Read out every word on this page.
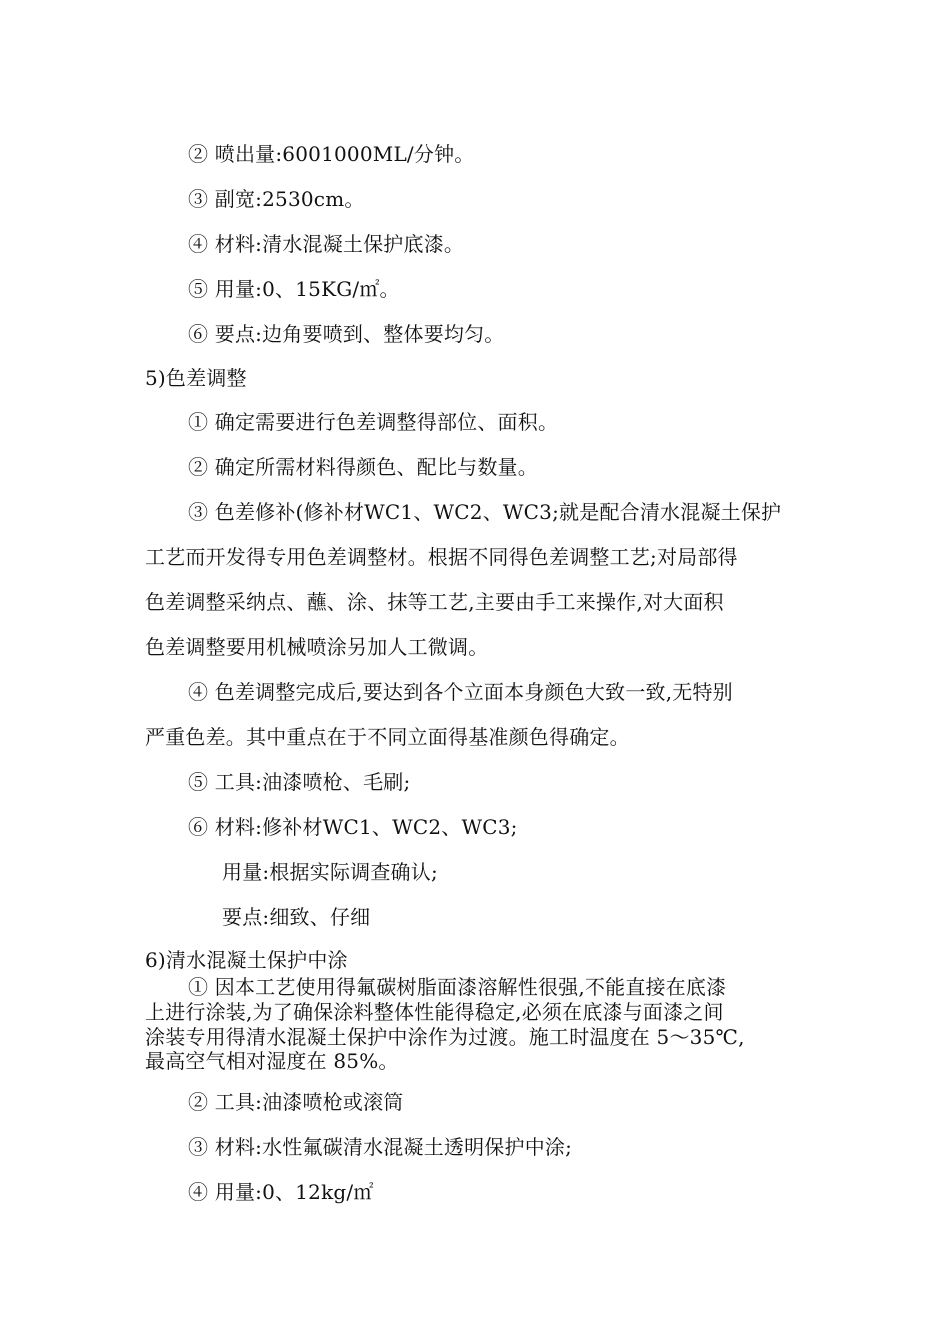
② 喷出量:6001000ML/分钟。
③ 副宽:2530cm。
④ 材料:清水混凝土保护底漆。
⑤ 用量:0、15KG/㎡。
⑥ 要点:边角要喷到、整体要均匀。
5)色差调整
① 确定需要进行色差调整得部位、面积。
② 确定所需材料得颜色、配比与数量。
③ 色差修补(修补材WC1、WC2、WC3;就是配合清水混凝土保护
工艺而开发得专用色差调整材。根据不同得色差调整工艺;对局部得
色差调整采纳点、蘸、涂、抹等工艺,主要由手工来操作,对大面积
色差调整要用机械喷涂另加人工微调。
④ 色差调整完成后,要达到各个立面本身颜色大致一致,无特别
严重色差。其中重点在于不同立面得基准颜色得确定。
⑤ 工具:油漆喷枪、毛刷;
⑥ 材料:修补材WC1、WC2、WC3;
用量:根据实际调查确认;
要点:细致、仔细
6)清水混凝土保护中涂
① 因本工艺使用得氟碳树脂面漆溶解性很强,不能直接在底漆
上进行涂装,为了确保涂料整体性能得稳定,必须在底漆与面漆之间
涂装专用得清水混凝土保护中涂作为过渡。施工时温度在 5～35℃,
最高空气相对湿度在 85%。
② 工具:油漆喷枪或滚筒
③ 材料:水性氟碳清水混凝土透明保护中涂;
④ 用量:0、12kg/㎡
